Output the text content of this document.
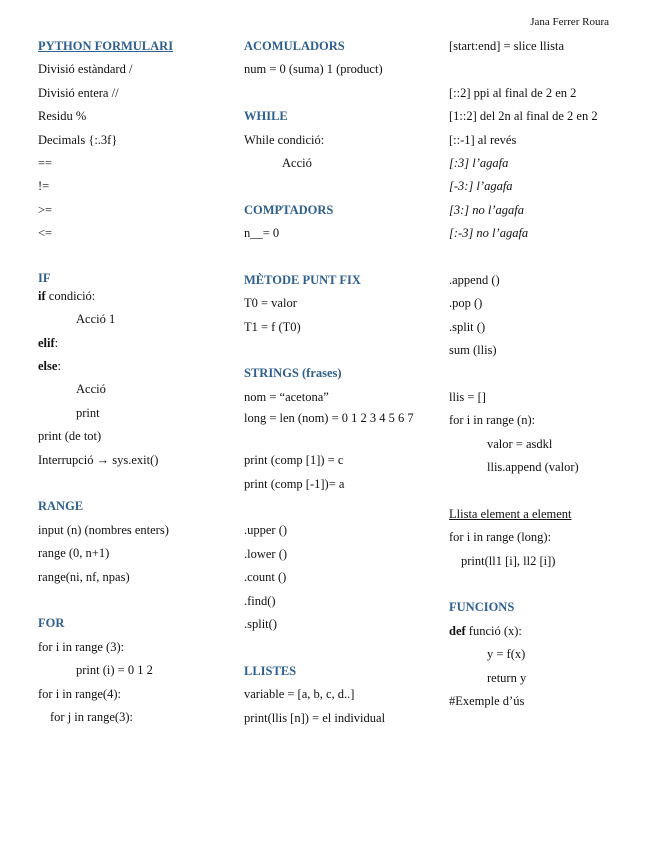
Jana Ferrer Roura
PYTHON FORMULARI
Divisió estàndard /
Divisió entera //
Residu %
Decimals {:.3f}
==
!=
>=
<=
IF
if condició:
Acció 1
elif:
else:
Acció
print
print (de tot)
Interrupció → sys.exit()
RANGE
input (n) (nombres enters)
range (0, n+1)
range(ni, nf, npas)
FOR
for i in range (3):
print (i) = 0 1 2
for i in range(4):
for j in range(3):
ACOMULADORS
num = 0 (suma) 1 (product)
WHILE
While condició:
Acció
COMPTADORS
n__= 0
MÈTODE PUNT FIX
T0 = valor
T1 = f (T0)
STRINGS (frases)
nom = “acetona”
long = len (nom) = 0 1 2 3 4 5 6 7
print (comp [1]) = c
print (comp [-1])= a
.upper ()
.lower ()
.count ()
.find()
.split()
LLISTES
variable = [a, b, c, d..]
print(llis [n]) = el individual
[start:end] = slice llista
[::2] ppi al final de 2 en 2
[1::2] del 2n al final de 2 en 2
[::-1] al revés
[:3] l’agafa
[-3:] l’agafa
[3:] no l’agafa
[:-3] no l’agafa
.append ()
.pop ()
.split ()
sum (llis)
llis = []
for i in range (n):
valor = asdkl
llis.append (valor)
Llista element a element
for i in range (long):
print(ll1 [i], ll2 [i])
FUNCIONS
def funció (x):
y = f(x)
return y
#Exemple d’ús
